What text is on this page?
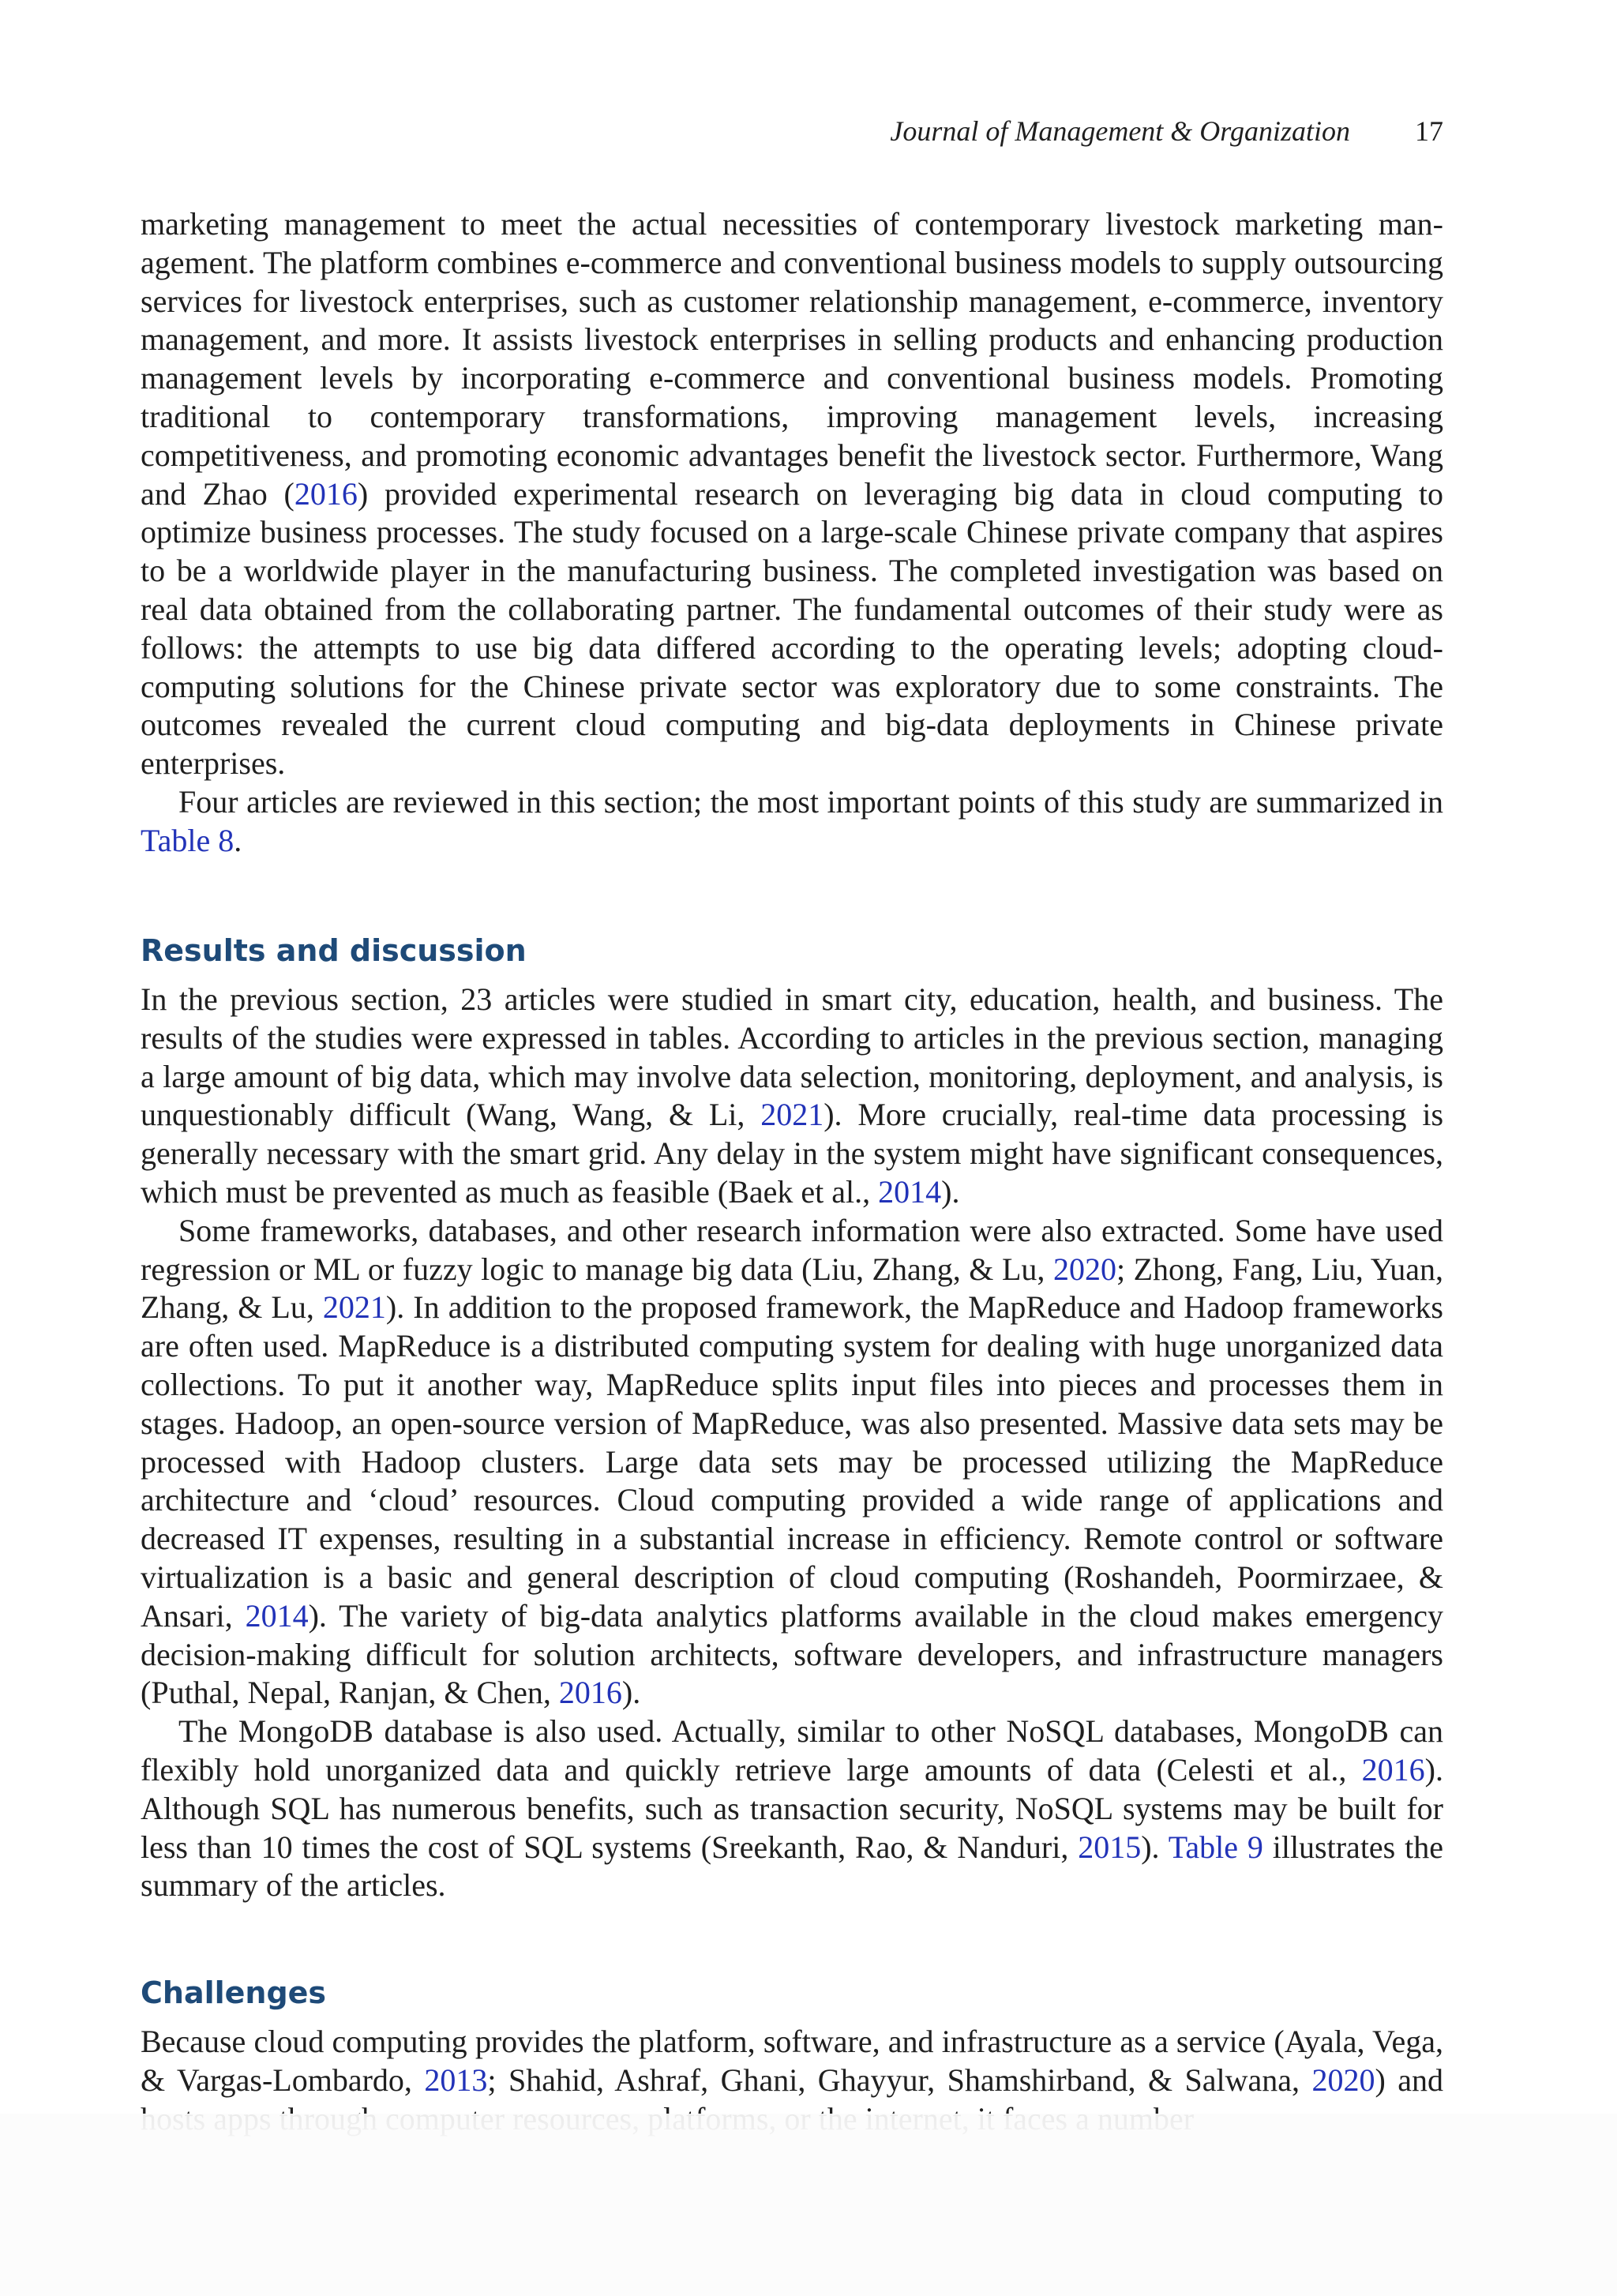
Journal of Management & Organization 17

marketing management to meet the actual necessities of contemporary livestock marketing management. The platform combines e-commerce and conventional business models to supply outsourcing services for livestock enterprises, such as customer relationship management, e-commerce, inventory management, and more. It assists livestock enterprises in selling products and enhancing production management levels by incorporating e-commerce and conventional business models. Promoting traditional to contemporary transformations, improving management levels, increasing competitiveness, and promoting economic advantages benefit the livestock sector. Furthermore, Wang and Zhao (2016) provided experimental research on leveraging big data in cloud computing to optimize business processes. The study focused on a large-scale Chinese private company that aspires to be a worldwide player in the manufacturing business. The completed investigation was based on real data obtained from the collaborating partner. The fundamental outcomes of their study were as follows: the attempts to use big data differed according to the operating levels; adopting cloud-computing solutions for the Chinese private sector was exploratory due to some constraints. The outcomes revealed the current cloud computing and big-data deployments in Chinese private enterprises.

Four articles are reviewed in this section; the most important points of this study are summarized in Table 8.

Results and discussion

In the previous section, 23 articles were studied in smart city, education, health, and business. The results of the studies were expressed in tables. According to articles in the previous section, managing a large amount of big data, which may involve data selection, monitoring, deployment, and analysis, is unquestionably difficult (Wang, Wang, & Li, 2021). More crucially, real-time data processing is generally necessary with the smart grid. Any delay in the system might have significant consequences, which must be prevented as much as feasible (Baek et al., 2014).

Some frameworks, databases, and other research information were also extracted. Some have used regression or ML or fuzzy logic to manage big data (Liu, Zhang, & Lu, 2020; Zhong, Fang, Liu, Yuan, Zhang, & Lu, 2021). In addition to the proposed framework, the MapReduce and Hadoop frameworks are often used. MapReduce is a distributed computing system for dealing with huge unorganized data collections. To put it another way, MapReduce splits input files into pieces and processes them in stages. Hadoop, an open-source version of MapReduce, was also presented. Massive data sets may be processed with Hadoop clusters. Large data sets may be processed utilizing the MapReduce architecture and ‘cloud’ resources. Cloud computing provided a wide range of applications and decreased IT expenses, resulting in a substantial increase in efficiency. Remote control or software virtualization is a basic and general description of cloud computing (Roshandeh, Poormirzaee, & Ansari, 2014). The variety of big-data analytics platforms available in the cloud makes emergency decision-making difficult for solution architects, software developers, and infrastructure managers (Puthal, Nepal, Ranjan, & Chen, 2016).

The MongoDB database is also used. Actually, similar to other NoSQL databases, MongoDB can flexibly hold unorganized data and quickly retrieve large amounts of data (Celesti et al., 2016). Although SQL has numerous benefits, such as transaction security, NoSQL systems may be built for less than 10 times the cost of SQL systems (Sreekanth, Rao, & Nanduri, 2015). Table 9 illustrates the summary of the articles.

Challenges

Because cloud computing provides the platform, software, and infrastructure as a service (Ayala, Vega, & Vargas-Lombardo, 2013; Shahid, Ashraf, Ghani, Ghayyur, Shamshirband, & Salwana, 2020) and
